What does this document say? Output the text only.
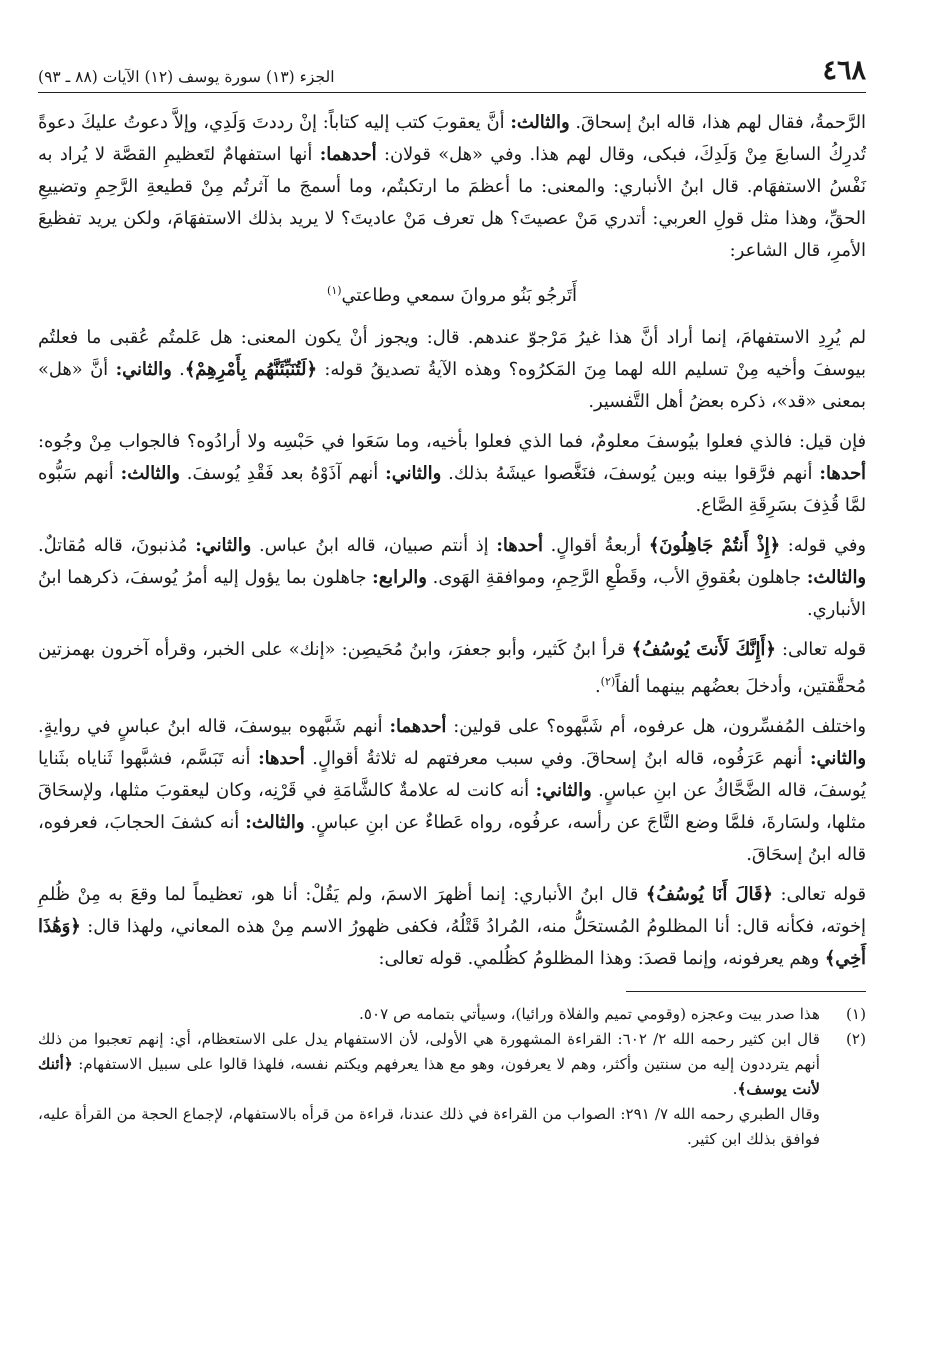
٤٦٨
الجزء (١٣) سورة يوسف (١٢) الآيات (٨٨ ـ ٩٣)

الرَّحمةُ، فقال لهم هذا، قاله ابنُ إسحاقَ. والثالث: أنَّ يعقوبَ كتب إليه كتاباً: إنْ رددتَ وَلَدِي، وإلاَّ دعوتُ عليكَ دعوةً تُدرِكُ السابعَ مِنْ وَلَدِكَ، فبكى، وقال لهم هذا. وفي «هل» قولان: أحدهما: أنها استفهامٌ لتَعظيمِ القصَّة لا يُراد به نَفْسُ الاستفهَام. قال ابنُ الأنباري: والمعنى: ما أعظمَ ما ارتكبتُم، وما أسمجَ ما آثرتُم مِنْ قطيعةِ الرَّحِمِ وتضييعِ الحقِّ، وهذا مثل قولِ العربي: أتدري مَنْ عصيتَ؟ هل تعرف مَنْ عاديتَ؟ لا يريد بذلك الاستفهَامَ، ولكن يريد تفظيعَ الأمرِ، قال الشاعر:

أَتَرجُو بَنُو مروانَ سمعي وطاعتي$^{(١)}$

لم يُرِدِ الاستفهامَ، إنما أراد أنَّ هذا غيرُ مَرْجوّ عندهم. قال: ويجوز أنْ يكون المعنى: هل عَلمتُم عُقبى ما فعلتُم بيوسفَ وأخيه مِنْ تسليم الله لهما مِنَ المَكرُوه؟ وهذه الآيةُ تصديقُ قوله: ﴿لَتُنَبِّئَنَّهُم بِأَمْرِهِمْ﴾. والثاني: أنَّ «هل» بمعنى «قد»، ذكره بعضُ أهل التَّفسير.

فإن قيل: فالذي فعلوا بيُوسفَ معلومٌ، فما الذي فعلوا بأخيه، وما سَعَوا في حَبْسِه ولا أرادُوه؟ فالجواب مِنْ وجُوه: أحدها: أنهم فرَّقوا بينه وبين يُوسفَ، فنَغَّصوا عيشَهُ بذلك. والثاني: أنهم آذَوْهُ بعد فَقْدِ يُوسفَ. والثالث: أنهم سَبُّوه لمَّا قُذِفَ بسَرِقَةِ الصَّاع.

وفي قوله: ﴿إِذْ أَنتُمْ جَاهِلُونَ﴾ أربعةُ أقوالٍ. أحدها: إذ أنتم صبيان، قاله ابنُ عباس. والثاني: مُذنبونَ، قاله مُقاتلٌ. والثالث: جاهلون بعُقوقِ الأب، وقَطْعِ الرَّحِمِ، وموافقةِ الهَوى. والرابع: جاهلون بما يؤول إليه أمرُ يُوسفَ، ذكرهما ابنُ الأنباري.

قوله تعالى: ﴿أَإِنَّكَ لَأَنتَ يُوسُفُ﴾ قرأ ابنُ كَثير، وأبو جعفرَ، وابنُ مُحَيصِن: «إنك» على الخبر، وقرأه آخرون بهمزتين مُحقَّقتين، وأدخلَ بعضُهم بينهما ألفاً$^{(٢)}$.

واختلف المُفسِّرون، هل عرفوه، أم شَبَّهوه؟ على قولين: أحدهما: أنهم شَبَّهوه بيوسفَ، قاله ابنُ عباسٍ في روايةٍ. والثاني: أنهم عَرَفُوه، قاله ابنُ إسحاقَ. وفي سبب معرفتهم له ثلاثةُ أقوالٍ. أحدها: أنه تَبَسَّم، فشبَّهوا ثَناياه بثَنايا يُوسفَ، قاله الضَّحَّاكُ عن ابنِ عباسٍ. والثاني: أنه كانت له علامةٌ كالشَّامَةِ في قَرْنِه، وكان ليعقوبَ مثلها، ولإسحَاقَ مثلها، ولسَارةَ، فلمَّا وضع التَّاجَ عن رأسه، عرفُوه، رواه عَطاءٌ عن ابنِ عباسٍ. والثالث: أنه كشفَ الحجابَ، فعرفوه، قاله ابنُ إسحَاقَ.

قوله تعالى: ﴿قَالَ أَنَا يُوسُفُ﴾ قال ابنُ الأنباري: إنما أظهرَ الاسمَ، ولم يَقُلْ: أنا هو، تعظيماً لما وقعَ به مِنْ ظُلمِ إخوته، فكأنه قال: أنا المظلومُ المُستحَلُّ منه، المُرادُ قَتْلُهُ، فكفى ظهورُ الاسم مِنْ هذه المعاني، ولهذا قال: ﴿وَهَٰذَا أَخِي﴾ وهم يعرفونه، وإنما قصدَ: وهذا المظلومُ كظُلمي. قوله تعالى:

(١)
هذا صدر بيت وعجزه (وقومي تميم والفلاة ورائيا)، وسيأتي بتمامه ص ٥٠٧.
(٢)
قال ابن كثير رحمه الله ٢/ ٦٠٢: القراءة المشهورة هي الأولى، لأن الاستفهام يدل على الاستعظام، أي: إنهم تعجبوا من ذلك أنهم يترددون إليه من سنتين وأكثر، وهم لا يعرفون، وهو مع هذا يعرفهم ويكتم نفسه، فلهذا قالوا على سبيل الاستفهام: ﴿أئنك لأنت يوسف﴾.
وقال الطبري رحمه الله ٧/ ٢٩١: الصواب من القراءة في ذلك عندنا، قراءة من قرأه بالاستفهام، لإجماع الحجة من القرأة عليه، فوافق بذلك ابن كثير.
